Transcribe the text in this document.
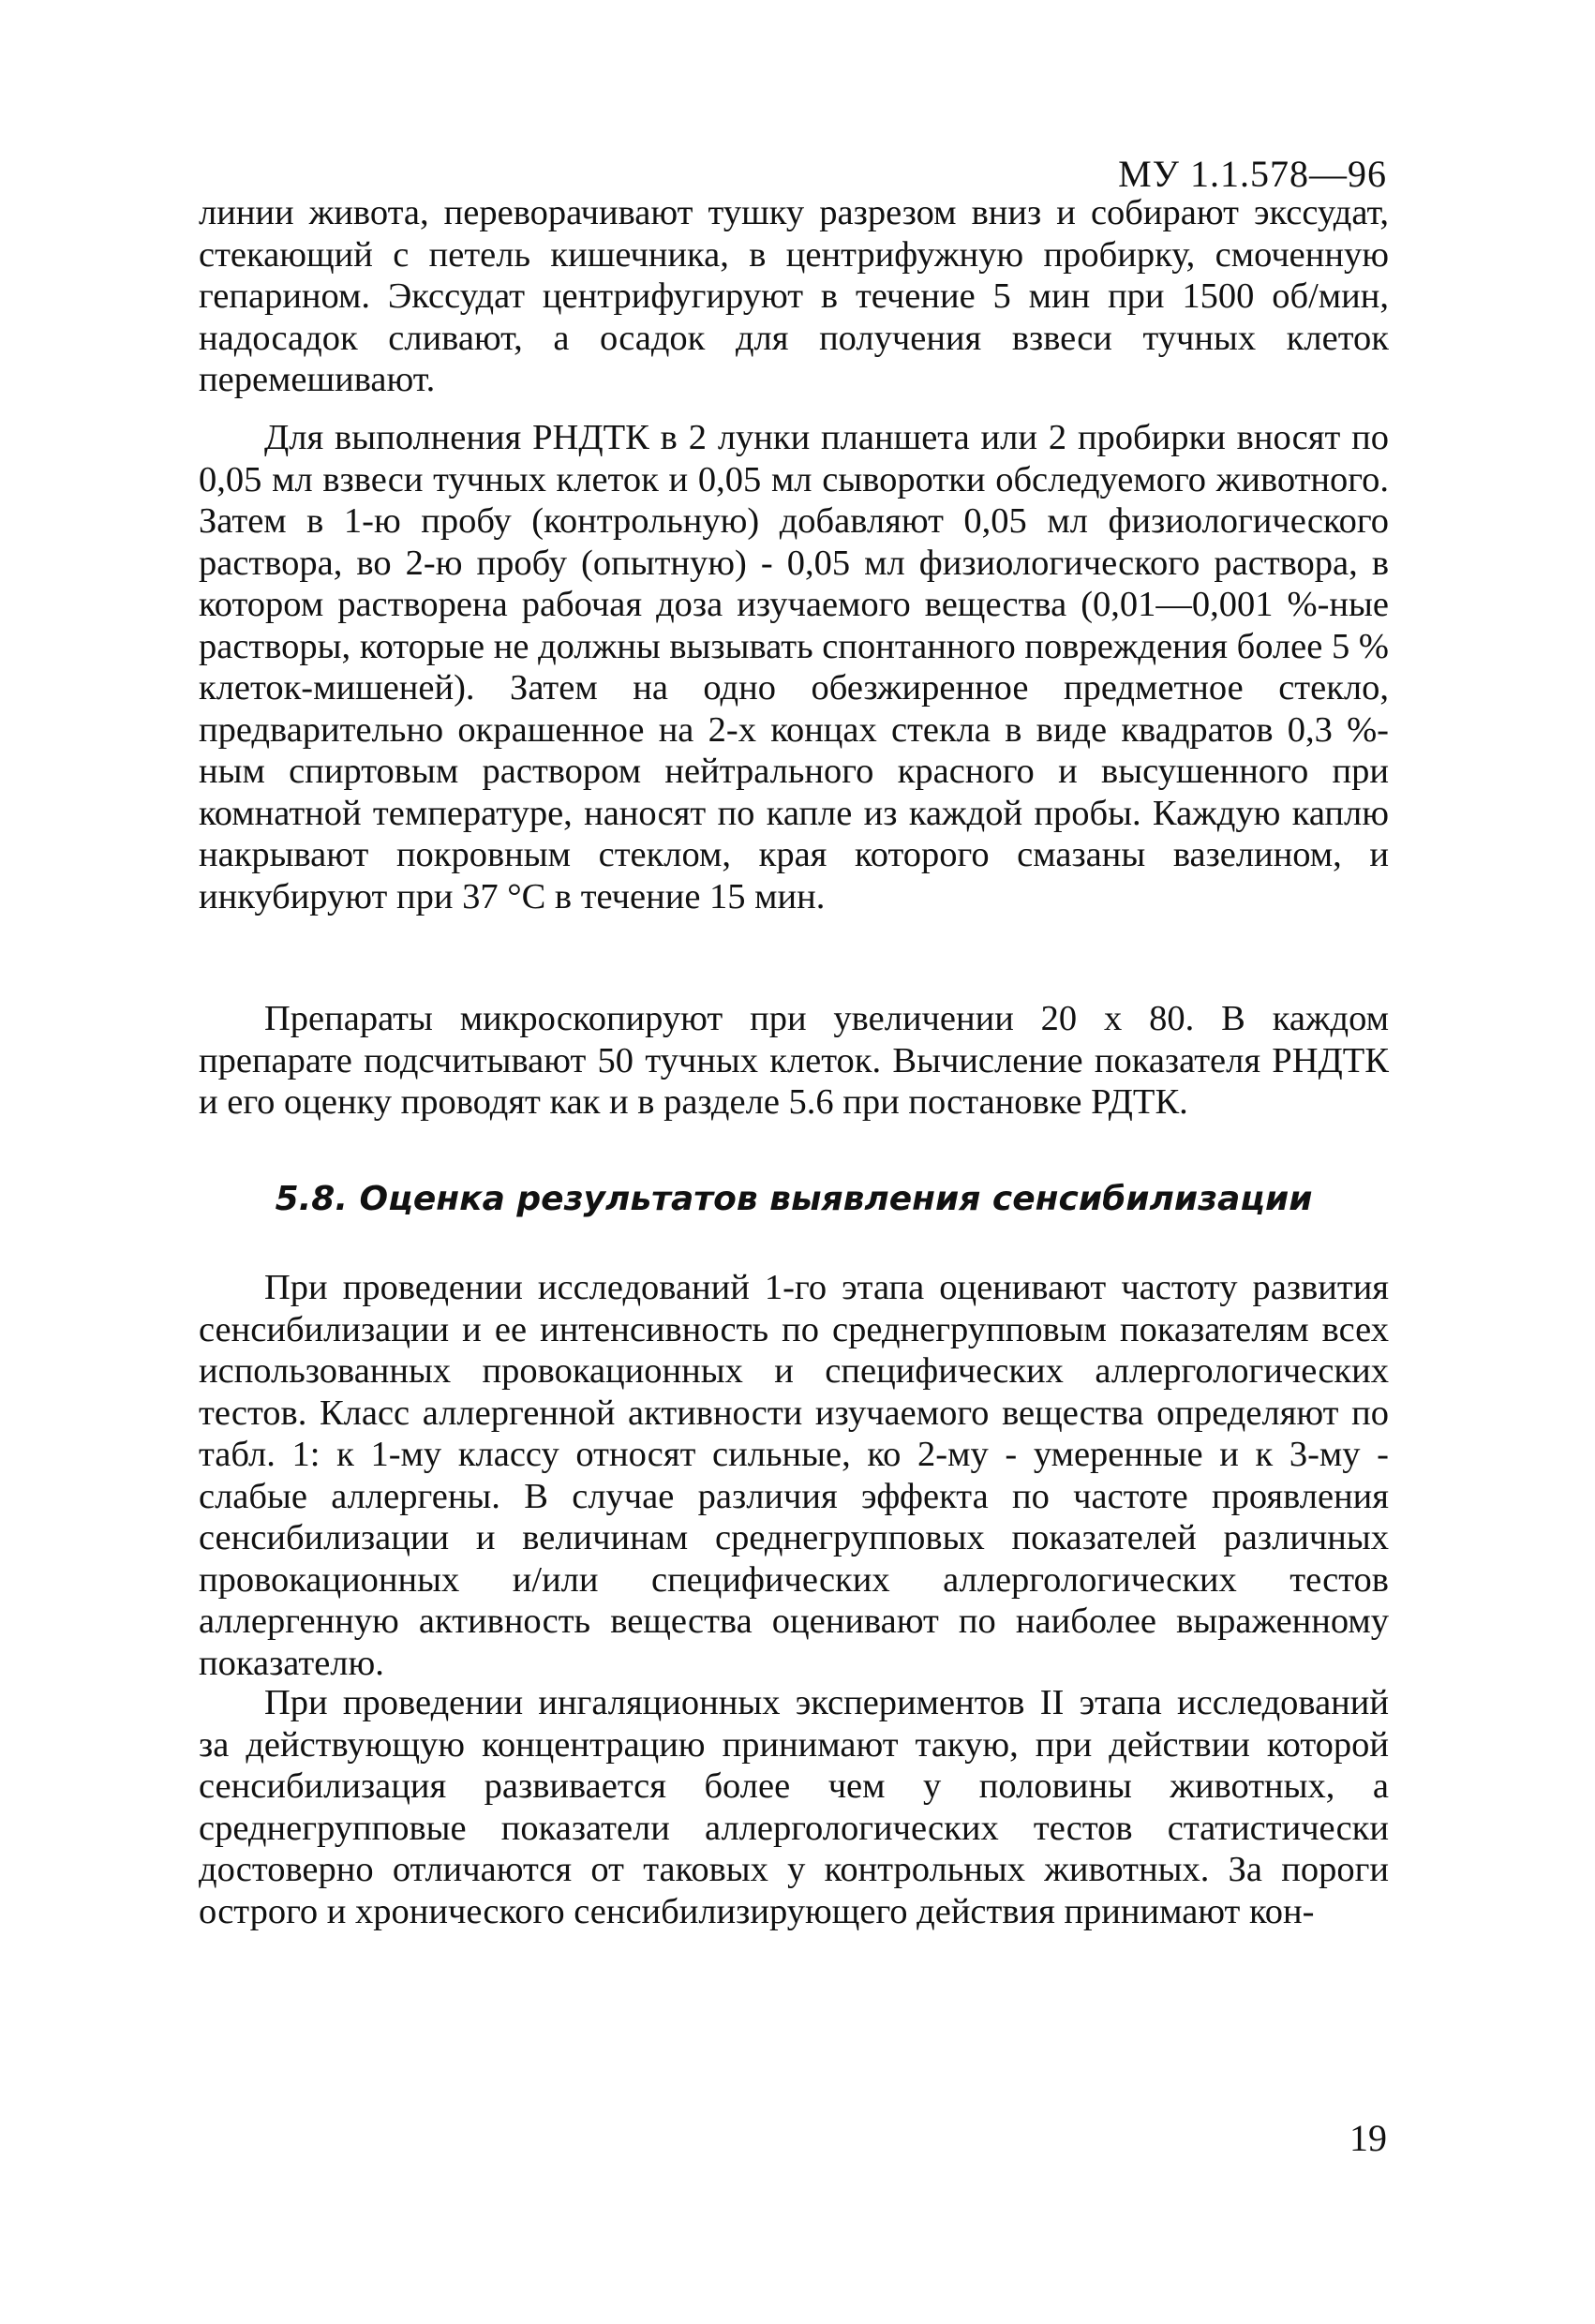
МУ 1.1.578—96

линии живота, переворачивают тушку разрезом вниз и собирают экссудат, стекающий с петель кишечника, в центрифужную пробирку, смоченную гепарином. Экссудат центрифугируют в течение 5 мин при 1500 об/мин, надосадок сливают, а осадок для получения взвеси тучных клеток перемешивают.

Для выполнения РНДТК в 2 лунки планшета или 2 пробирки вносят по 0,05 мл взвеси тучных клеток и 0,05 мл сыворотки обследуемого животного. Затем в 1-ю пробу (контрольную) добавляют 0,05 мл физиологического раствора, во 2-ю пробу (опытную) - 0,05 мл физиологического раствора, в котором растворена рабочая доза изучаемого вещества (0,01—0,001 %-ные растворы, которые не должны вызывать спонтанного повреждения более 5 % клеток-мишеней). Затем на одно обезжиренное предметное стекло, предварительно окрашенное на 2-х концах стекла в виде квадратов 0,3 %-ным спиртовым раствором нейтрального красного и высушенного при комнатной температуре, наносят по капле из каждой пробы. Каждую каплю накрывают покровным стеклом, края которого смазаны вазелином, и инкубируют при 37 °С в течение 15 мин.

Препараты микроскопируют при увеличении 20 х 80. В каждом препарате подсчитывают 50 тучных клеток. Вычисление показателя РНДТК и его оценку проводят как и в разделе 5.6 при постановке РДТК.

5.8. Оценка результатов выявления сенсибилизации

При проведении исследований 1-го этапа оценивают частоту развития сенсибилизации и ее интенсивность по среднегрупповым показателям всех использованных провокационных и специфических аллергологических тестов. Класс аллергенной активности изучаемого вещества определяют по табл. 1: к 1-му классу относят сильные, ко 2-му - умеренные и к 3-му - слабые аллергены. В случае различия эффекта по частоте проявления сенсибилизации и величинам среднегрупповых показателей различных провокационных и/или специфических аллергологических тестов аллергенную активность вещества оценивают по наиболее выраженному показателю.

При проведении ингаляционных экспериментов II этапа исследований за действующую концентрацию принимают такую, при действии которой сенсибилизация развивается более чем у половины животных, а среднегрупповые показатели аллергологических тестов статистически достоверно отличаются от таковых у контрольных животных. За пороги острого и хронического сенсибилизирующего действия принимают кон-

19
